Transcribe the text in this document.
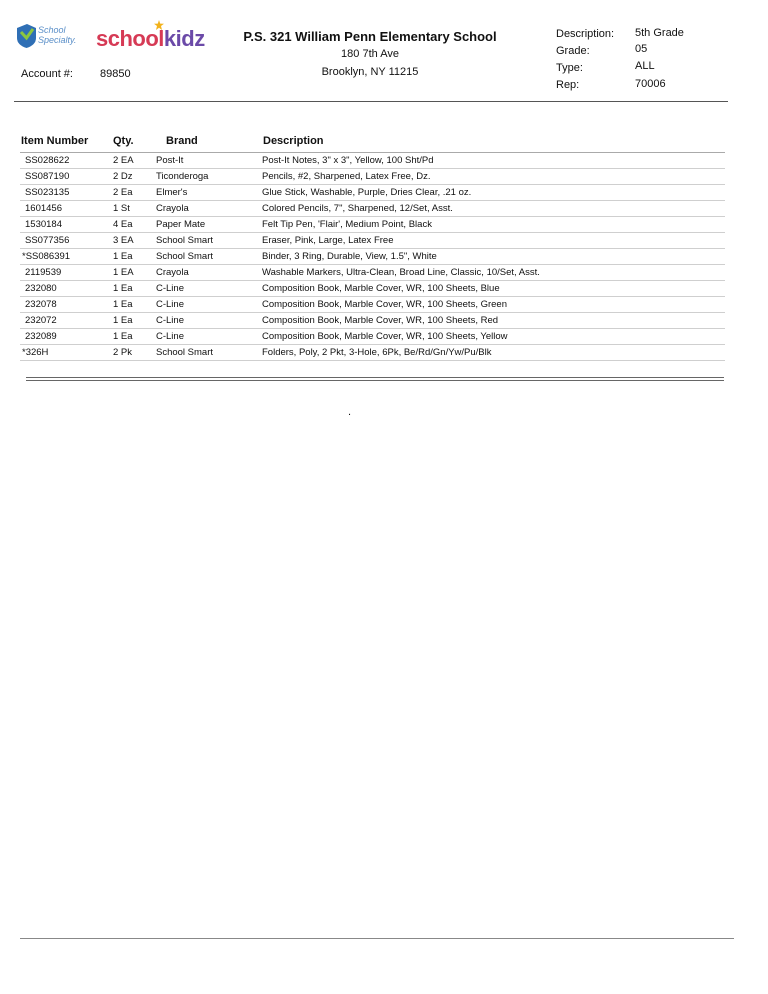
School
Specialty. schoolkidz
Account #: 89850
P.S. 321 William Penn Elementary School
180 7th Ave
Brooklyn, NY 11215
Description: 5th Grade
Grade:	05
Type:	ALL
Rep:	70006
Item Number Qty.	Brand	Description
SS028622	2 EA Post-It	Post-It Notes, 3" x 3", Yellow, 100 Sht/Pd
SS087190	2 Dz Ticonderoga	Pencils, #2, Sharpened, Latex Free, Dz.
SS023135	2 Ea Elmer's	Glue Stick, Washable, Purple, Dries Clear, .21 oz.
1601456	1 St	Crayola	Colored Pencils, 7", Sharpened, 12/Set, Asst.
1530184	4 Ea Paper Mate	Felt Tip Pen, 'Flair', Medium Point, Black
SS077356	3 EA School Smart	Eraser, Pink, Large, Latex Free
*SS086391	1 Ea School Smart	Binder, 3 Ring, Durable, View, 1.5", White
2119539	1 EA Crayola	Washable Markers, Ultra-Clean, Broad Line, Classic, 10/Set, Asst.
232080	1 Ea C-Line	Composition Book, Marble Cover, WR, 100 Sheets, Blue
232078	1 Ea C-Line	Composition Book, Marble Cover, WR, 100 Sheets, Green
232072	1 Ea C-Line	Composition Book, Marble Cover, WR, 100 Sheets, Red
232089	1 Ea C-Line	Composition Book, Marble Cover, WR, 100 Sheets, Yellow
*326H	2 Pk	School Smart	Folders, Poly, 2 Pkt, 3-Hole, 6Pk, Be/Rd/Gn/Yw/Pu/Blk
.
